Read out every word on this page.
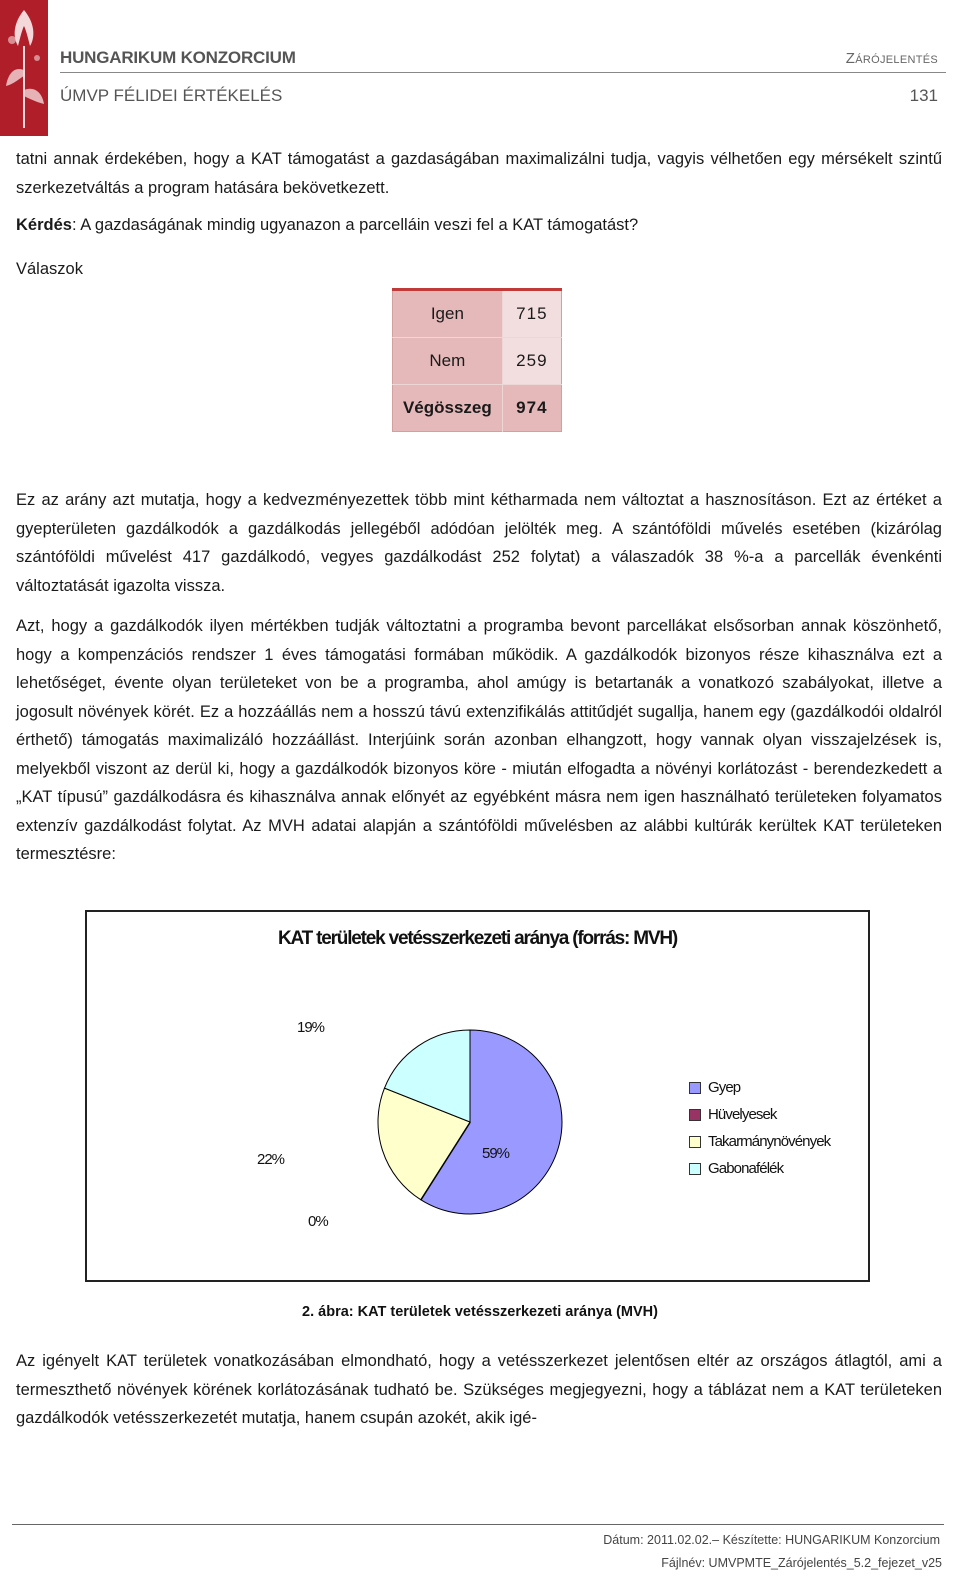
HUNGARIKUM KONZORCIUM	Zárójelentés
ÚMVP FÉLIDEI ÉRTÉKELÉS	131

tatni annak érdekében, hogy a KAT támogatást a gazdaságában maximalizálni tudja, vagyis vélhetően egy mérsékelt szintű szerkezetváltás a program hatására bekövetkezett.

Kérdés: A gazdaságának mindig ugyanazon a parcelláin veszi fel a KAT támogatást?

Válaszok

Igen	715
Nem	259
Végösszeg	974

Ez az arány azt mutatja, hogy a kedvezményezettek több mint kétharmada nem változtat a hasznosításon. Ezt az értéket a gyepterületen gazdálkodók a gazdálkodás jellegéből adódóan jelölték meg. A szántóföldi művelés esetében (kizárólag szántóföldi művelést 417 gazdálkodó, vegyes gazdálkodást 252 folytat) a válaszadók 38 %-a a parcellák évenkénti változtatását igazolta vissza.

Azt, hogy a gazdálkodók ilyen mértékben tudják változtatni a programba bevont parcellákat elsősorban annak köszönhető, hogy a kompenzációs rendszer 1 éves támogatási formában működik. A gazdálkodók bizonyos része kihasználva ezt a lehetőséget, évente olyan területeket von be a programba, ahol amúgy is betartanák a vonatkozó szabályokat, illetve a jogosult növények körét. Ez a hozzáállás nem a hosszú távú extenzifikálás attitűdjét sugallja, hanem egy (gazdálkodói oldalról érthető) támogatás maximalizáló hozzáállást. Interjúink során azonban elhangzott, hogy vannak olyan visszajelzések is, melyekből viszont az derül ki, hogy a gazdálkodók bizonyos köre - miután elfogadta a növényi korlátozást - berendezkedett a „KAT típusú” gazdálkodásra és kihasználva annak előnyét az egyébként másra nem igen használható területeken folyamatos extenzív gazdálkodást folytat. Az MVH adatai alapján a szántóföldi művelésben az alábbi kultúrák kerültek KAT területeken termesztésre:

KAT területek vetésszerkezeti aránya (forrás: MVH)
59%
0%
22%
19%
Gyep
Hüvelyesek
Takarmánynövények
Gabonafélék
2. ábra: KAT területek vetésszerkezeti aránya (MVH)

Az igényelt KAT területek vonatkozásában elmondható, hogy a vetésszerkezet jelentősen eltér az országos átlagtól, ami a termeszthető növények körének korlátozásának tudható be. Szükséges megjegyezni, hogy a táblázat nem a KAT területeken gazdálkodók vetésszerkezetét mutatja, hanem csupán azokét, akik igé-

Dátum: 2011.02.02.– Készítette: HUNGARIKUM Konzorcium
Fájlnév: UMVPMTE_Zárójelentés_5.2_fejezet_v25
